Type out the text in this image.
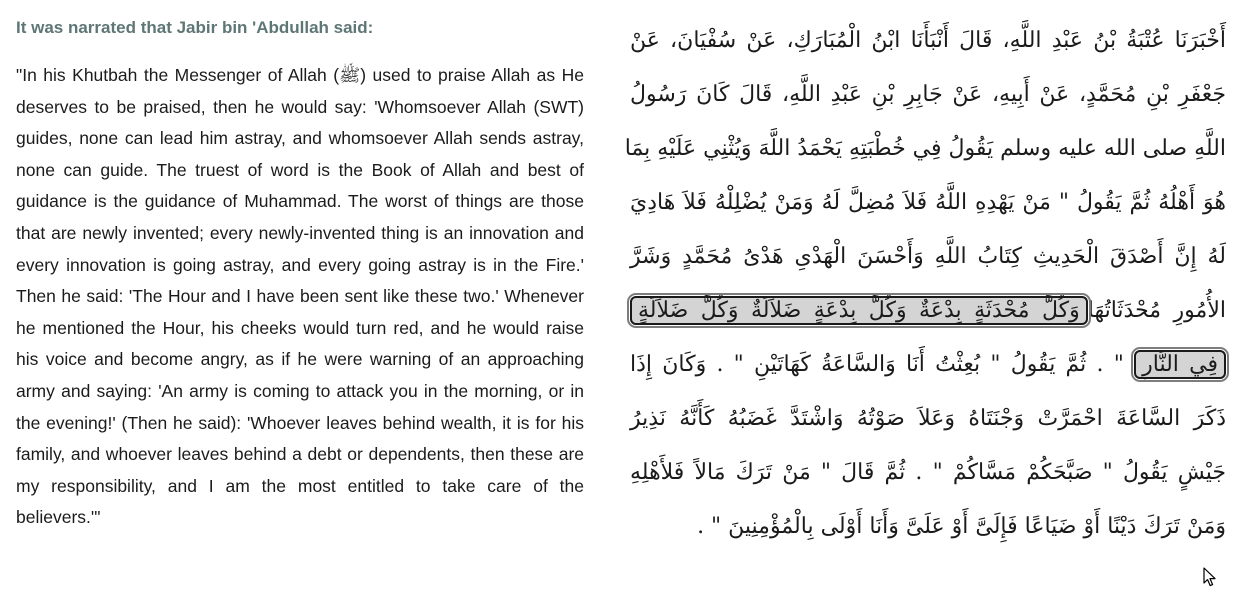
It was narrated that Jabir bin 'Abdullah said:
"In his Khutbah the Messenger of Allah (ﷺ) used to praise Allah as He deserves to be praised, then he would say: 'Whomsoever Allah (SWT) guides, none can lead him astray, and whomsoever Allah sends astray, none can guide. The truest of word is the Book of Allah and best of guidance is the guidance of Muhammad. The worst of things are those that are newly invented; every newly-invented thing is an innovation and every innovation is going astray, and every going astray is in the Fire.' Then he said: 'The Hour and I have been sent like these two.' Whenever he mentioned the Hour, his cheeks would turn red, and he would raise his voice and become angry, as if he were warning of an approaching army and saying: 'An army is coming to attack you in the morning, or in the evening!' (Then he said): 'Whoever leaves behind wealth, it is for his family, and whoever leaves behind a debt or dependents, then these are my responsibility, and I am the most entitled to take care of the believers.'"
أَخْبَرَنَا عُتْبَةُ بْنُ عَبْدِ اللَّهِ، قَالَ أَنْبَأَنَا ابْنُ الْمُبَارَكِ، عَنْ سُفْيَانَ، عَنْ
جَعْفَرِ بْنِ مُحَمَّدٍ، عَنْ أَبِيهِ، عَنْ جَابِرِ بْنِ عَبْدِ اللَّهِ، قَالَ كَانَ رَسُولُ
اللَّهِ صلى الله عليه وسلم يَقُولُ فِي خُطْبَتِهِ يَحْمَدُ اللَّهَ وَيُثْنِي عَلَيْهِ بِمَا
هُوَ أَهْلُهُ ثُمَّ يَقُولُ " مَنْ يَهْدِهِ اللَّهُ فَلاَ مُضِلَّ لَهُ وَمَنْ يُضْلِلْهُ فَلاَ هَادِيَ
لَهُ إِنَّ أَصْدَقَ الْحَدِيثِ كِتَابُ اللَّهِ وَأَحْسَنَ الْهَدْىِ هَدْىُ مُحَمَّدٍ وَشَرَّ
الأُمُورِ مُحْدَثَاتُهَاوَكُلَّ مُحْدَثَةٍ بِدْعَةٌ وَكُلَّ بِدْعَةٍ ضَلاَلَةٌ وَكُلَّ ضَلاَلَةٍ
فِي النَّارِ " . ثُمَّ يَقُولُ " بُعِثْتُ أَنَا وَالسَّاعَةُ كَهَاتَيْنِ " . وَكَانَ إِذَا
ذَكَرَ السَّاعَةَ احْمَرَّتْ وَجْنَتَاهُ وَعَلاَ صَوْتُهُ وَاشْتَدَّ غَضَبُهُ كَأَنَّهُ نَذِيرُ
جَيْشٍ يَقُولُ " صَبَّحَكُمْ مَسَّاكُمْ " . ثُمَّ قَالَ " مَنْ تَرَكَ مَالاً فَلأَهْلِهِ
وَمَنْ تَرَكَ دَيْنًا أَوْ ضَيَاعًا فَإِلَىَّ أَوْ عَلَىَّ وَأَنَا أَوْلَى بِالْمُؤْمِنِينَ " .
